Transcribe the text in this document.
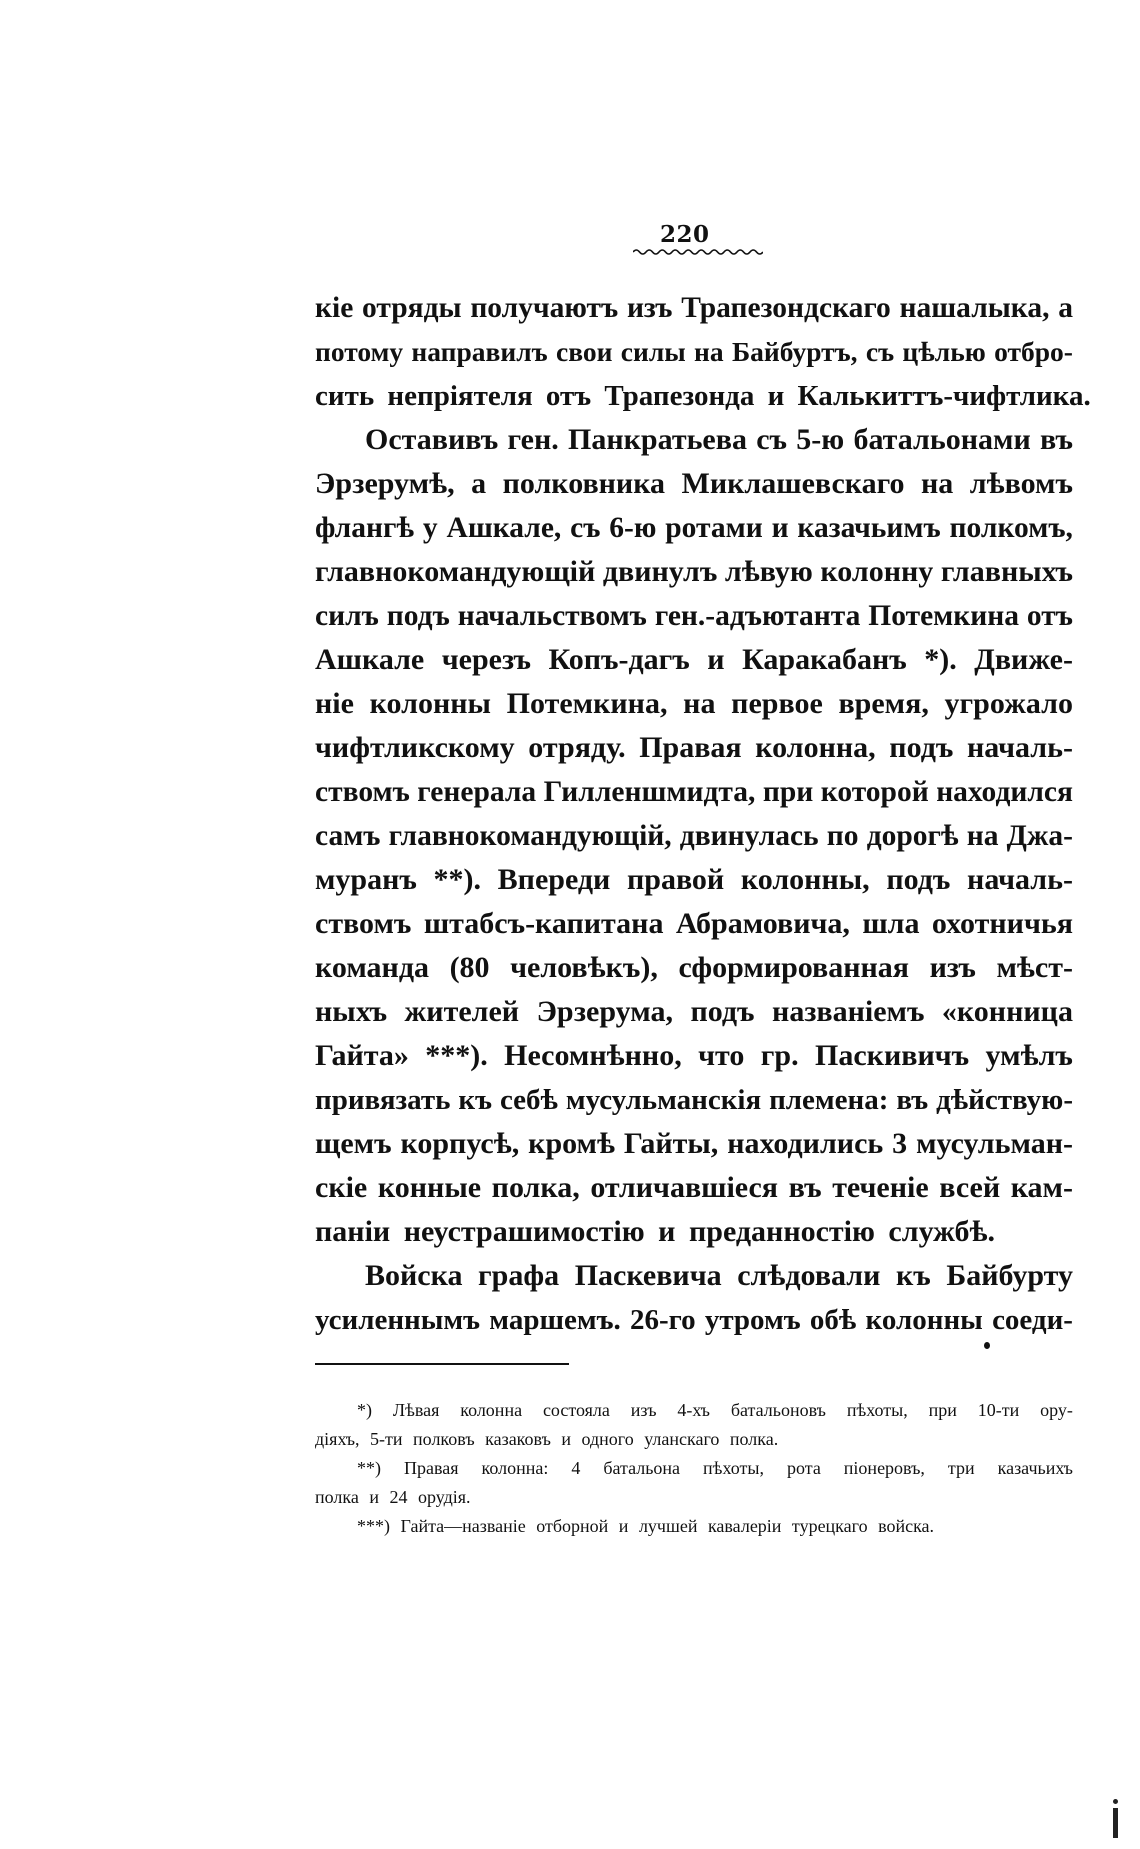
220
кіе отряды получаютъ изъ Трапезондскаго нашалыка, а
потому направилъ свои силы на Байбуртъ, съ цѣлью отбро-
сить непріятеля отъ Трапезонда и Калькиттъ-чифтлика.
Оставивъ ген. Панкратьева съ 5-ю батальонами въ
Эрзерумѣ, а полковника Миклашевскаго на лѣвомъ
флангѣ у Ашкале, съ 6-ю ротами и казачьимъ полкомъ,
главнокомандующій двинулъ лѣвую колонну главныхъ
силъ подъ начальствомъ ген.-адъютанта Потемкина отъ
Ашкале черезъ Копъ-дагъ и Каракабанъ *). Движе-
ніе колонны Потемкина, на первое время, угрожало
чифтликскому отряду. Правая колонна, подъ началь-
ствомъ генерала Гилленшмидта, при которой находился
самъ главнокомандующій, двинулась по дорогѣ на Джа-
муранъ **). Впереди правой колонны, подъ началь-
ствомъ штабсъ-капитана Абрамовича, шла охотничья
команда (80 человѣкъ), сформированная изъ мѣст-
ныхъ жителей Эрзерума, подъ названіемъ «конница
Гайта» ***). Несомнѣнно, что гр. Паскивичъ умѣлъ
привязать къ себѣ мусульманскія племена: въ дѣйствую-
щемъ корпусѣ, кромѣ Гайты, находились 3 мусульман-
скіе конные полка, отличавшіеся въ теченіе всей кам-
паніи неустрашимостію и преданностію службѣ.
Войска графа Паскевича слѣдовали къ Байбурту
усиленнымъ маршемъ. 26-го утромъ обѣ колонны соеди-
*) Лѣвая колонна состояла изъ 4-хъ батальоновъ пѣхоты, при 10-ти ору-
діяхъ, 5-ти полковъ казаковъ и одного уланскаго полка.
**) Правая колонна: 4 батальона пѣхоты, рота піонеровъ, три казачьихъ
полка и 24 орудія.
***) Гайта—названіе отборной и лучшей кавалеріи турецкаго войска.
